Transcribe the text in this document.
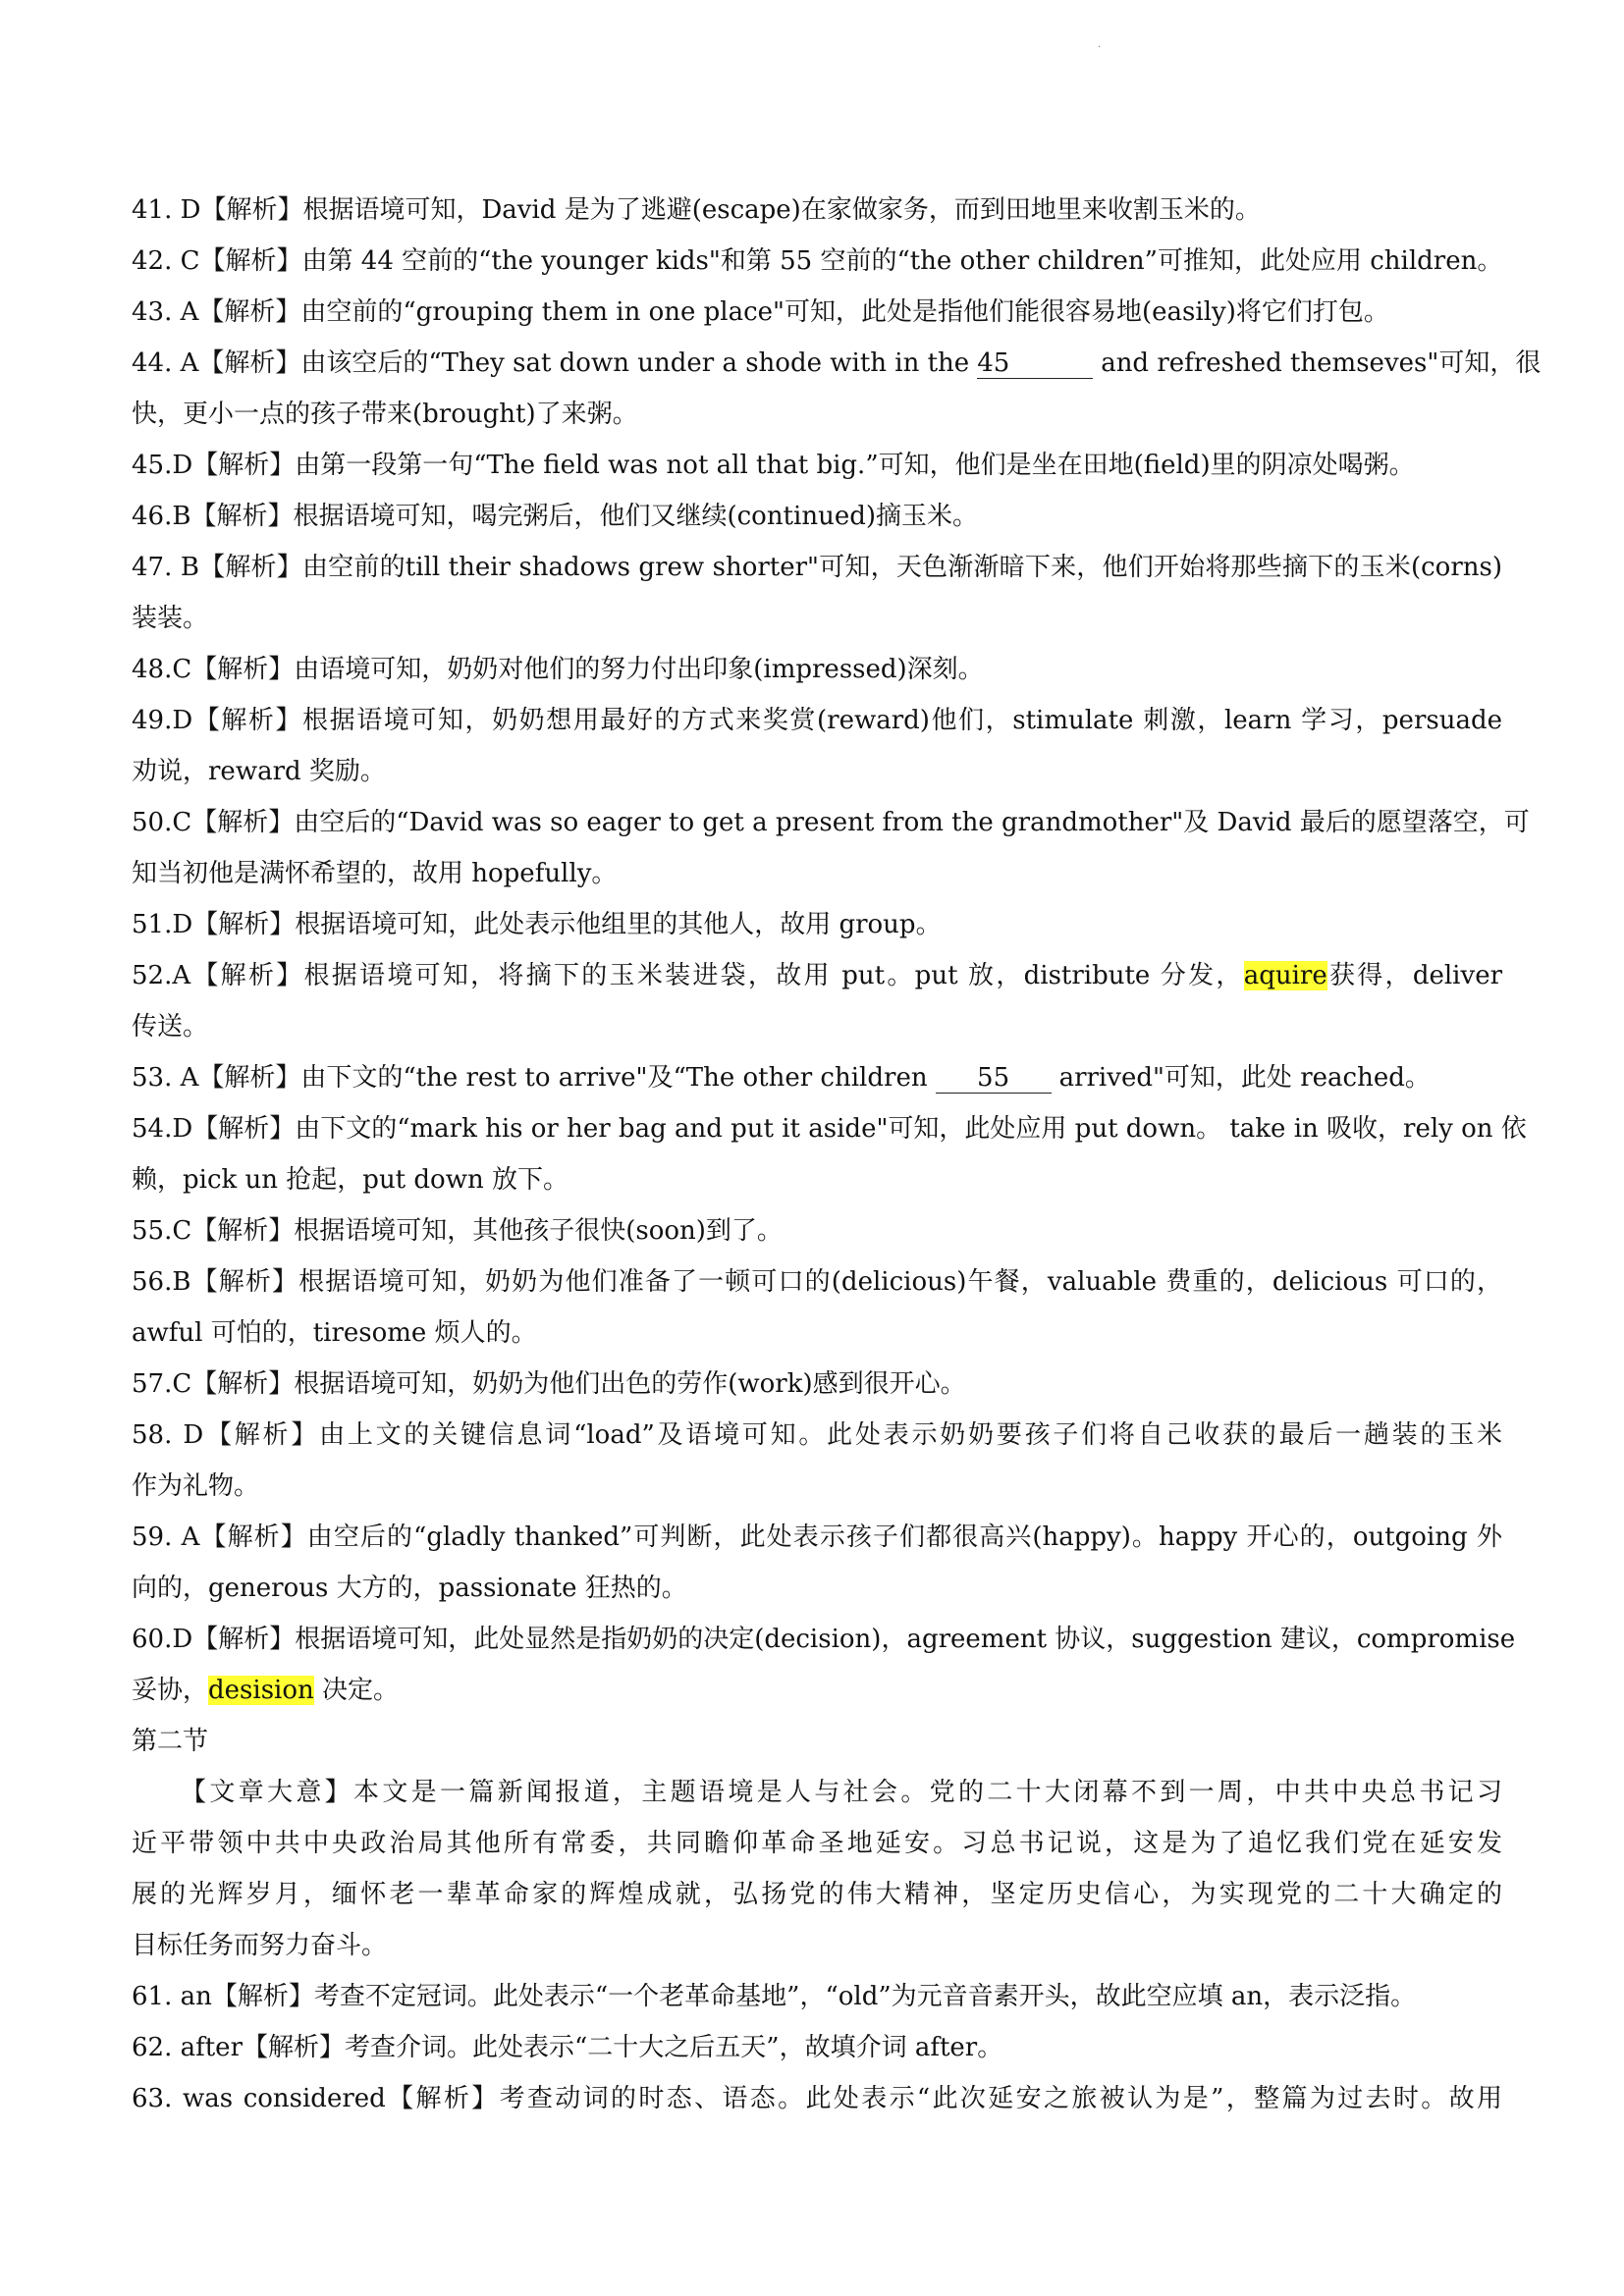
.
41. D【解析】根据语境可知，David 是为了逃避(escape)在家做家务，而到田地里来收割玉米的。
42. C【解析】由第 44 空前的“the younger kids"和第 55 空前的“the other children”可推知，此处应用 children。
43. A【解析】由空前的“grouping them in one place"可知，此处是指他们能很容易地(easily)将它们打包。
44. A【解析】由该空后的“They sat down under a shode with in the 45	and refreshed themseves"可知，很
快，更小一点的孩子带来(brought)了来粥。
45.D【解析】由第一段第一句“The field was not all that big.”可知，他们是坐在田地(field)里的阴凉处喝粥。
46.B【解析】根据语境可知，喝完粥后，他们又继续(continued)摘玉米。
47. B【解析】由空前的till their shadows grew shorter"可知，天色渐渐暗下来，他们开始将那些摘下的玉米(corns)
装装。
48.C【解析】由语境可知，奶奶对他们的努力付出印象(impressed)深刻。
49.D【解析】根据语境可知，奶奶想用最好的方式来奖赏(reward)他们，stimulate 刺激，learn 学习，persuade
劝说，reward 奖励。
50.C【解析】由空后的“David was so eager to get a present from the grandmother"及 David 最后的愿望落空，可
知当初他是满怀希望的，故用 hopefully。
51.D【解析】根据语境可知，此处表示他组里的其他人，故用 group。
52.A【解析】根据语境可知，将摘下的玉米装进袋，故用 put。put 放，distribute 分发，aquire获得，deliver
传送。
53. A【解析】由下文的“the rest to arrive"及“The other children 55 arrived"可知，此处 reached。
54.D【解析】由下文的“mark his or her bag and put it aside"可知，此处应用 put down。 take in 吸收，rely on 依
赖，pick un 抢起，put down 放下。
55.C【解析】根据语境可知，其他孩子很快(soon)到了。
56.B【解析】根据语境可知，奶奶为他们准备了一顿可口的(delicious)午餐，valuable 费重的，delicious 可口的，
awful 可怕的，tiresome 烦人的。
57.C【解析】根据语境可知，奶奶为他们出色的劳作(work)感到很开心。
58. D【解析】由上文的关键信息词“load”及语境可知。此处表示奶奶要孩子们将自己收获的最后一趟装的玉米
作为礼物。
59. A【解析】由空后的“gladly thanked”可判断，此处表示孩子们都很高兴(happy)。happy 开心的，outgoing 外
向的，generous 大方的，passionate 狂热的。
60.D【解析】根据语境可知，此处显然是指奶奶的决定(decision)，agreement 协议，suggestion 建议，compromise
妥协，desision 决定。
第二节
【文章大意】本文是一篇新闻报道，主题语境是人与社会。党的二十大闭幕不到一周，中共中央总书记习
近平带领中共中央政治局其他所有常委，共同瞻仰革命圣地延安。习总书记说，这是为了追忆我们党在延安发
展的光辉岁月，缅怀老一辈革命家的辉煌成就，弘扬党的伟大精神，坚定历史信心，为实现党的二十大确定的
目标任务而努力奋斗。
61. an【解析】考查不定冠词。此处表示“一个老革命基地”，“old”为元音音素开头，故此空应填 an，表示泛指。
62. after【解析】考查介词。此处表示“二十大之后五天”，故填介词 after。
63. was considered【解析】考查动词的时态、语态。此处表示“此次延安之旅被认为是”，整篇为过去时。故用
